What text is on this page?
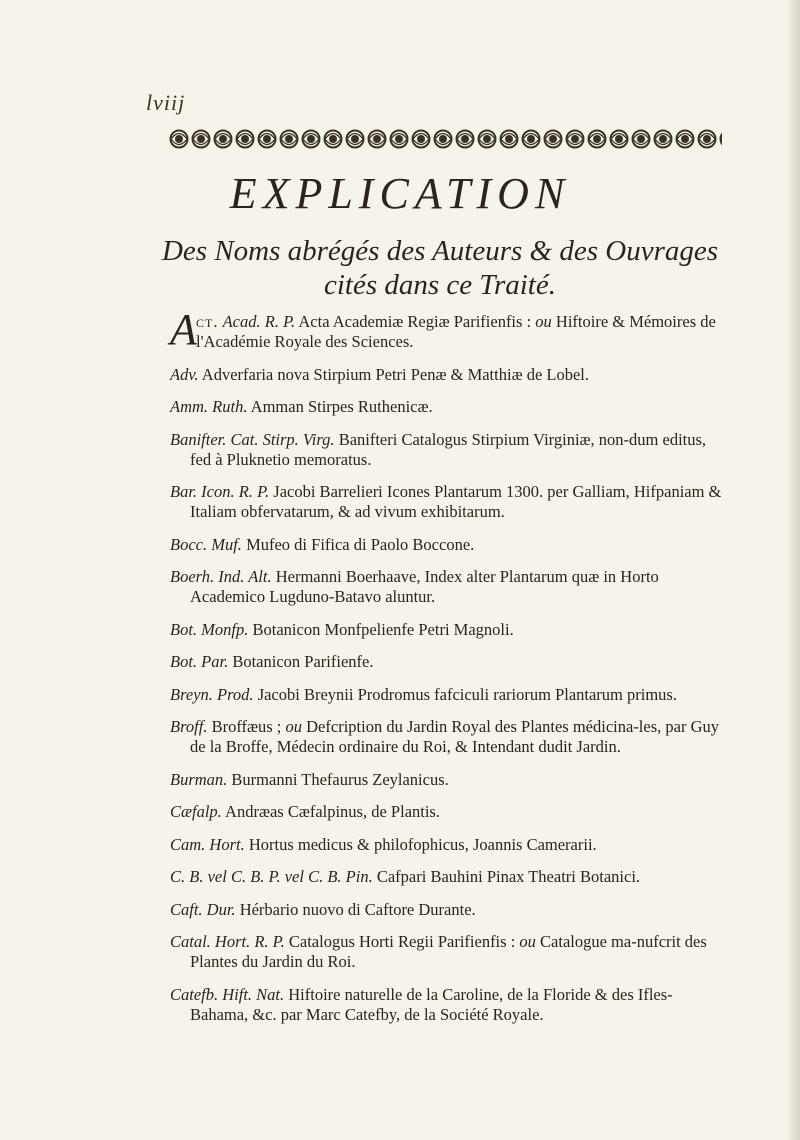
lviij
EXPLICATION
Des Noms abrégés des Auteurs & des Ouvrages
cités dans ce Traité.
A ct. Acad. R. P. Acta Academiæ Regiæ Parifienfis : ou Hiftoire & Mémoires de l'Académie Royale des Sciences.
Adv. Adverfaria nova Stirpium Petri Penæ & Matthiæ de Lobel.
Amm. Ruth. Amman Stirpes Ruthenicæ.
Banifter. Cat. Stirp. Virg. Banifteri Catalogus Stirpium Virginiæ, non-dum editus, fed à Pluknetio memoratus.
Bar. Icon. R. P. Jacobi Barrelieri Icones Plantarum 1300. per Galliam, Hifpaniam & Italiam obfervatarum, & ad vivum exhibitarum.
Bocc. Muf. Mufeo di Fifica di Paolo Boccone.
Boerh. Ind. Alt. Hermanni Boerhaave, Index alter Plantarum quæ in Horto Academico Lugduno-Batavo aluntur.
Bot. Monfp. Botanicon Monfpelienfe Petri Magnoli.
Bot. Par. Botanicon Parifienfe.
Breyn. Prod. Jacobi Breynii Prodromus fafciculi rariorum Plantarum primus.
Broff. Broffæus ; ou Defcription du Jardin Royal des Plantes médicina-les, par Guy de la Broffe, Médecin ordinaire du Roi, & Intendant dudit Jardin.
Burman. Burmanni Thefaurus Zeylanicus.
Cæfalp. Andræas Cæfalpinus, de Plantis.
Cam. Hort. Hortus medicus & philofophicus, Joannis Camerarii.
C. B. vel C. B. P. vel C. B. Pin. Cafpari Bauhini Pinax Theatri Botanici.
Caft. Dur. Hérbario nuovo di Caftore Durante.
Catal. Hort. R. P. Catalogus Horti Regii Parifienfis : ou Catalogue ma-nufcrit des Plantes du Jardin du Roi.
Catefb. Hift. Nat. Hiftoire naturelle de la Caroline, de la Floride & des Ifles-Bahama, &c. par Marc Catefby, de la Société Royale.
